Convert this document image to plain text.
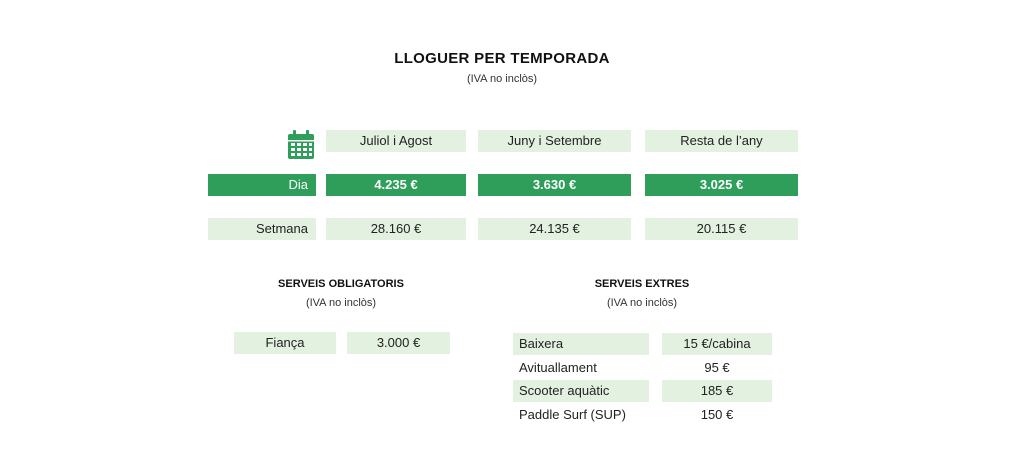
LLOGUER PER TEMPORADA
(IVA no inclòs)
Juliol i Agost	Juny i Setembre	Resta de l’any
Dia	4.235 €	3.630 €	3.025 €
Setmana	28.160 €	24.135 €	20.115 €
SERVEIS OBLIGATORIS
(IVA no inclòs)
Fiança	3.000 €
SERVEIS EXTRES
(IVA no inclòs)
Baixera	15 €/cabina
Avituallament	95 €
Scooter aquàtic	185 €
Paddle Surf (SUP)	150 €
